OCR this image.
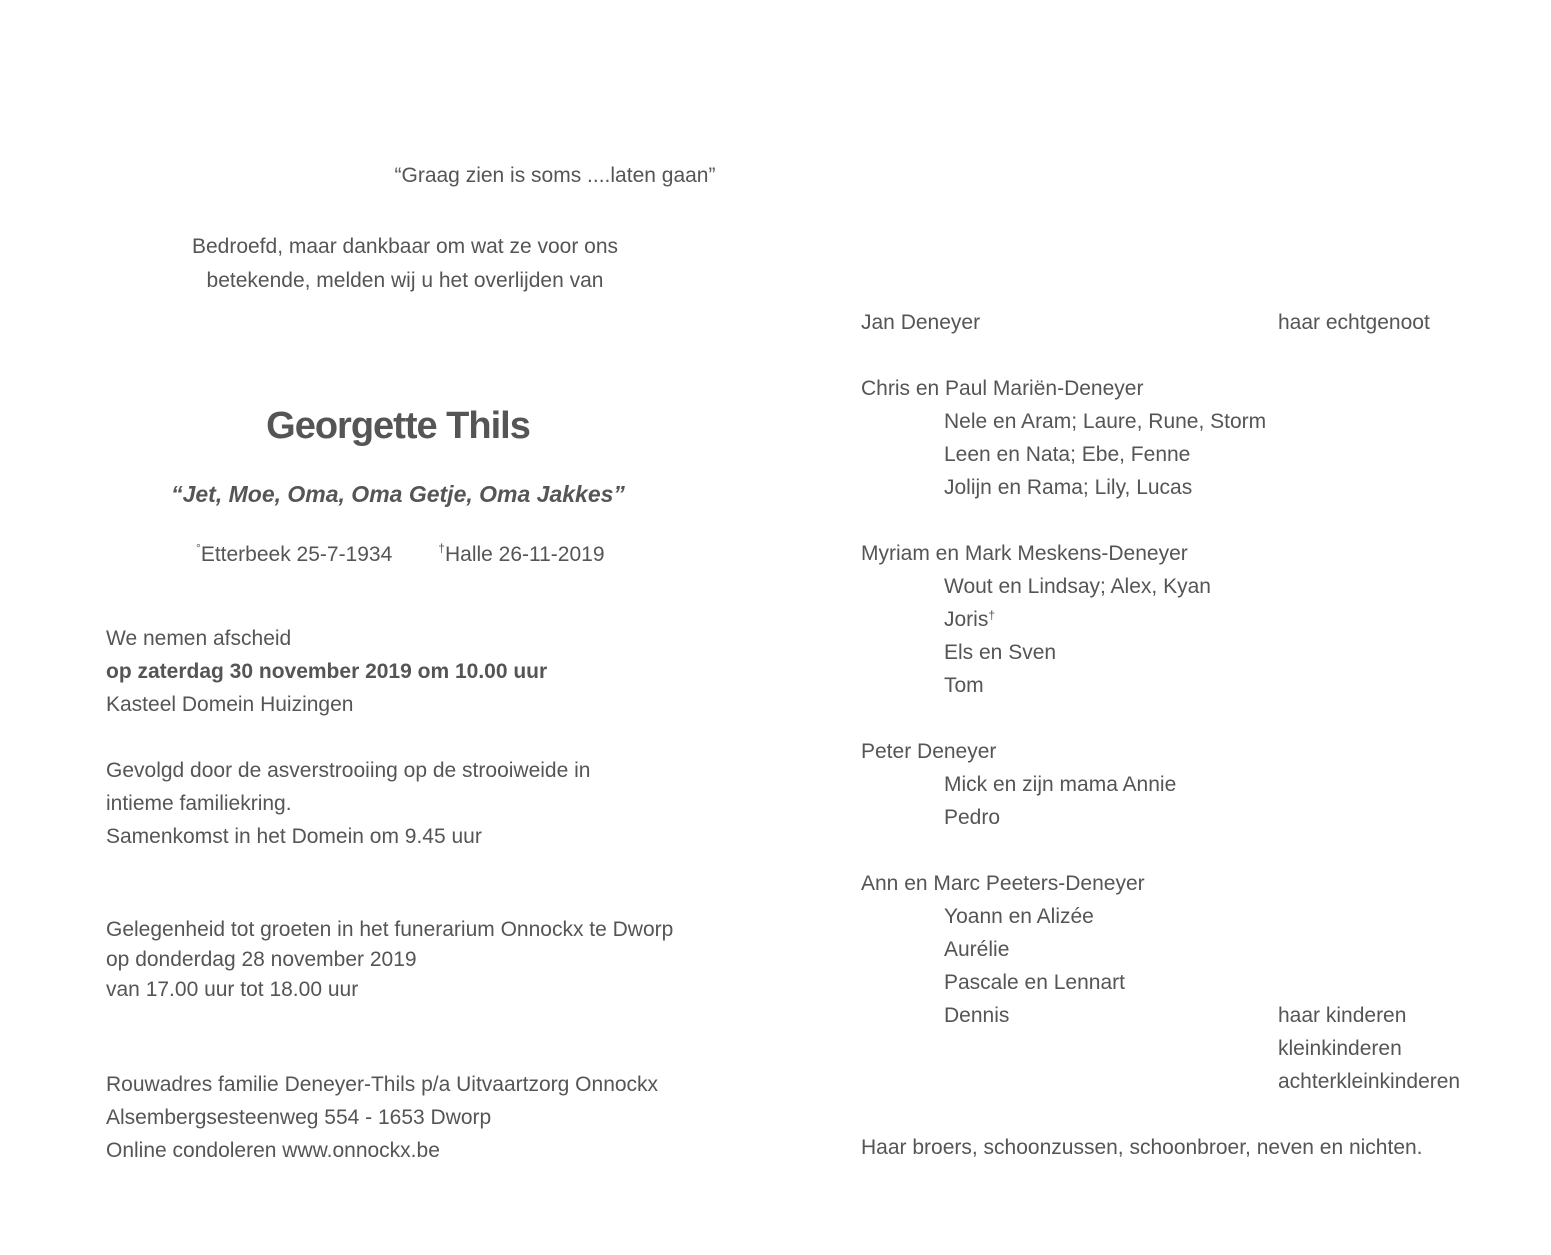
“Graag zien is soms ....laten gaan”
Bedroefd, maar dankbaar om wat ze voor ons
betekende, melden wij u het overlijden van
Georgette Thils
“Jet, Moe, Oma, Oma Getje, Oma Jakkes”
°Etterbeek 25-7-1934	†Halle 26-11-2019
We nemen afscheid
op zaterdag 30 november 2019 om 10.00 uur
Kasteel Domein Huizingen
Gevolgd door de asverstrooiing op de strooiweide in
intieme familiekring.
Samenkomst in het Domein om 9.45 uur
Gelegenheid tot groeten in het funerarium Onnockx te Dworp
op donderdag 28 november 2019
van 17.00 uur tot 18.00 uur
Rouwadres familie Deneyer-Thils p/a Uitvaartzorg Onnockx
Alsembergsesteenweg 554 - 1653 Dworp
Online condoleren www.onnockx.be
Jan Deneyer	haar echtgenoot
Chris en Paul Mariën-Deneyer
Nele en Aram; Laure, Rune, Storm
Leen en Nata; Ebe, Fenne
Jolijn en Rama; Lily, Lucas
Myriam en Mark Meskens-Deneyer
Wout en Lindsay; Alex, Kyan
Joris†
Els en Sven
Tom
Peter Deneyer
Mick en zijn mama Annie
Pedro
Ann en Marc Peeters-Deneyer
Yoann en Alizée
Aurélie
Pascale en Lennart
Dennis	haar kinderen
kleinkinderen
achterkleinkinderen
Haar broers, schoonzussen, schoonbroer, neven en nichten.
